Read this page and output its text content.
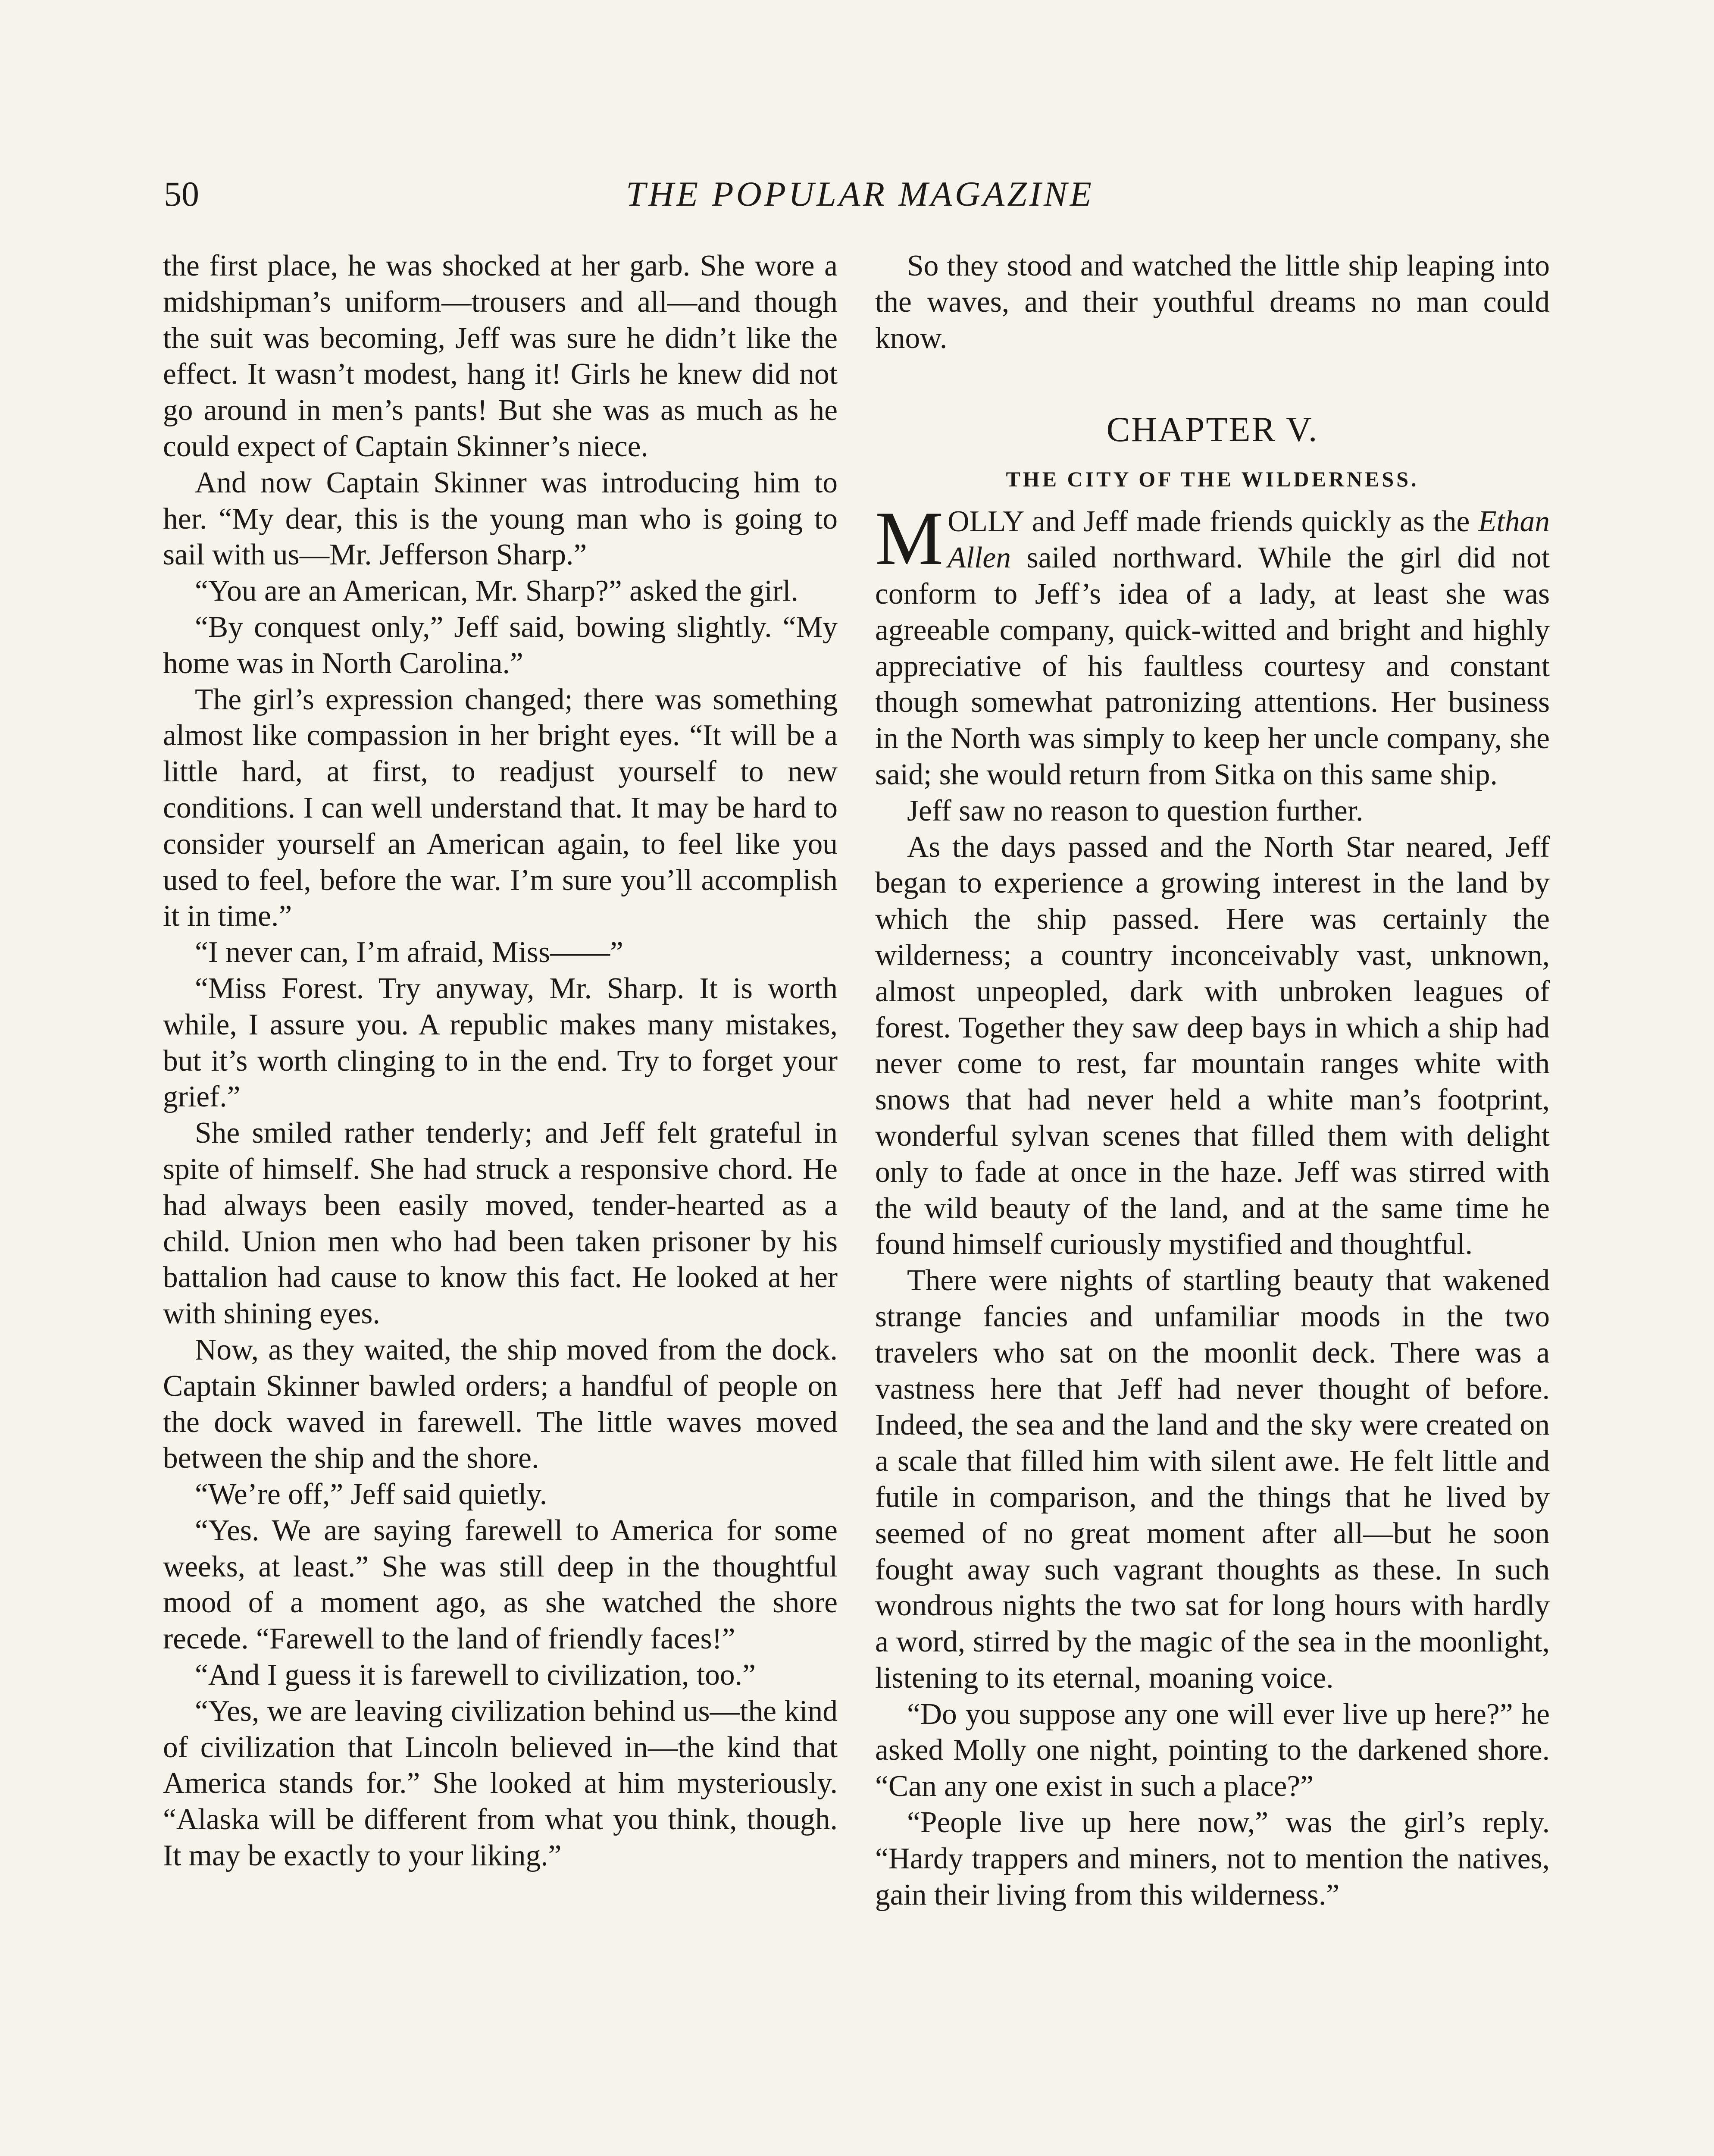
50	THE POPULAR MAGAZINE

the first place, he was shocked at her garb. She wore a midshipman’s uniform—trousers and all—and though the suit was becoming, Jeff was sure he didn’t like the effect. It wasn’t modest, hang it! Girls he knew did not go around in men’s pants! But she was as much as he could expect of Captain Skinner’s niece.

And now Captain Skinner was introducing him to her. “My dear, this is the young man who is going to sail with us—Mr. Jefferson Sharp.”

“You are an American, Mr. Sharp?” asked the girl.

“By conquest only,” Jeff said, bowing slightly. “My home was in North Carolina.”

The girl’s expression changed; there was something almost like compassion in her bright eyes. “It will be a little hard, at first, to readjust yourself to new conditions. I can well understand that. It may be hard to consider yourself an American again, to feel like you used to feel, before the war. I’m sure you’ll accomplish it in time.”

“I never can, I’m afraid, Miss——”

“Miss Forest. Try anyway, Mr. Sharp. It is worth while, I assure you. A republic makes many mistakes, but it’s worth clinging to in the end. Try to forget your grief.”

She smiled rather tenderly; and Jeff felt grateful in spite of himself. She had struck a responsive chord. He had always been easily moved, tender-hearted as a child. Union men who had been taken prisoner by his battalion had cause to know this fact. He looked at her with shining eyes.

Now, as they waited, the ship moved from the dock. Captain Skinner bawled orders; a handful of people on the dock waved in farewell. The little waves moved between the ship and the shore.

“We’re off,” Jeff said quietly.

“Yes. We are saying farewell to America for some weeks, at least.” She was still deep in the thoughtful mood of a moment ago, as she watched the shore recede. “Farewell to the land of friendly faces!”

“And I guess it is farewell to civilization, too.”

“Yes, we are leaving civilization behind us—the kind of civilization that Lincoln believed in—the kind that America stands for.” She looked at him mysteriously. “Alaska will be different from what you think, though. It may be exactly to your liking.”

So they stood and watched the little ship leaping into the waves, and their youthful dreams no man could know.

CHAPTER V.
THE CITY OF THE WILDERNESS.

MOLLY and Jeff made friends quickly as the Ethan Allen sailed northward. While the girl did not conform to Jeff’s idea of a lady, at least she was agreeable company, quick-witted and bright and highly appreciative of his faultless courtesy and constant though somewhat patronizing attentions. Her business in the North was simply to keep her uncle company, she said; she would return from Sitka on this same ship.

Jeff saw no reason to question further.

As the days passed and the North Star neared, Jeff began to experience a growing interest in the land by which the ship passed. Here was certainly the wilderness; a country inconceivably vast, unknown, almost unpeopled, dark with unbroken leagues of forest. Together they saw deep bays in which a ship had never come to rest, far mountain ranges white with snows that had never held a white man’s footprint, wonderful sylvan scenes that filled them with delight only to fade at once in the haze. Jeff was stirred with the wild beauty of the land, and at the same time he found himself curiously mystified and thoughtful.

There were nights of startling beauty that wakened strange fancies and unfamiliar moods in the two travelers who sat on the moonlit deck. There was a vastness here that Jeff had never thought of before. Indeed, the sea and the land and the sky were created on a scale that filled him with silent awe. He felt little and futile in comparison, and the things that he lived by seemed of no great moment after all—but he soon fought away such vagrant thoughts as these. In such wondrous nights the two sat for long hours with hardly a word, stirred by the magic of the sea in the moonlight, listening to its eternal, moaning voice.

“Do you suppose any one will ever live up here?” he asked Molly one night, pointing to the darkened shore. “Can any one exist in such a place?”

“People live up here now,” was the girl’s reply. “Hardy trappers and miners, not to mention the natives, gain their living from this wilderness.”
